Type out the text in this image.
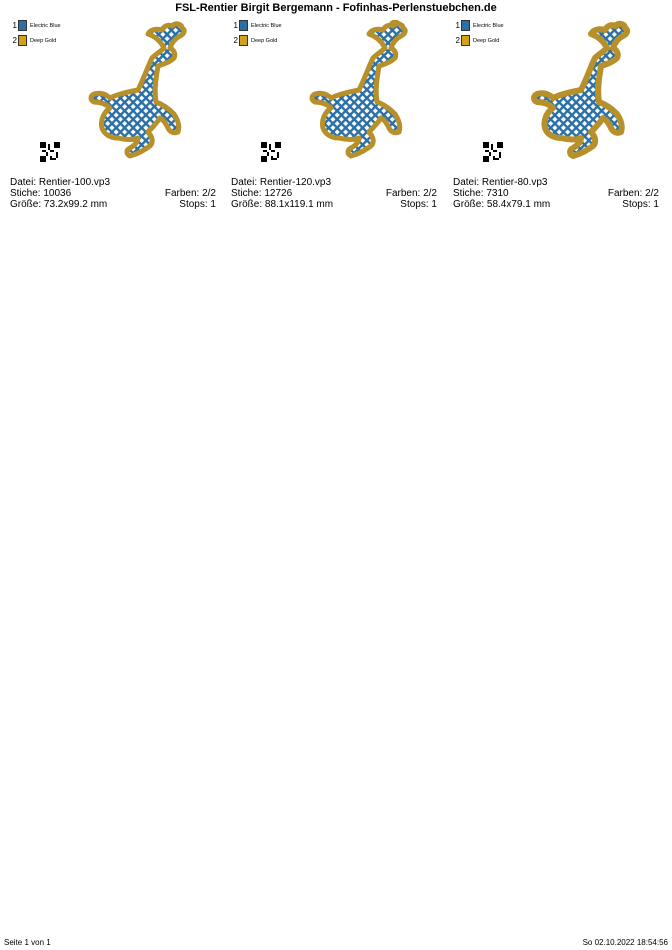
FSL-Rentier Birgit Bergemann - Fofinhas-Perlenstuebchen.de
1 Electric Blue
2 Deep Gold
Datei: Rentier-100.vp3
Stiche: 10036	Farben: 2/2
Größe: 73.2x99.2 mm	Stops: 1
1 Electric Blue
2 Deep Gold
Datei: Rentier-120.vp3
Stiche: 12726	Farben: 2/2
Größe: 88.1x119.1 mm	Stops: 1
1 Electric Blue
2 Deep Gold
Datei: Rentier-80.vp3
Stiche: 7310	Farben: 2/2
Größe: 58.4x79.1 mm	Stops: 1
Seite 1 von 1	So 02.10.2022 18:54:56
